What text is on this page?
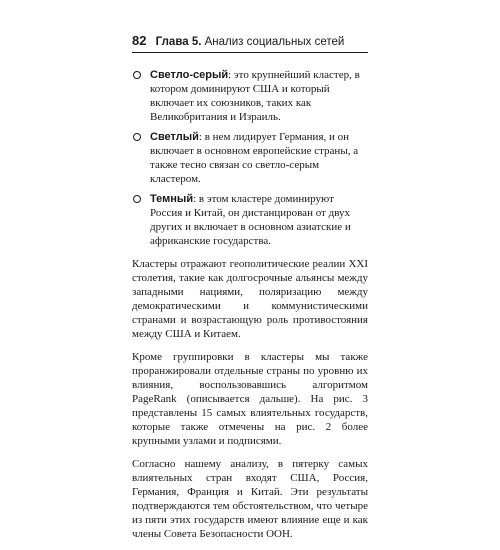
82 Глава 5. Анализ социальных сетей
Светло-серый: это крупнейший кластер, в котором доминируют США и который включает их союзников, таких как Великобритания и Израиль.
Светлый: в нем лидирует Германия, и он включает в основном европейские страны, а также тесно связан со светло-серым кластером.
Темный: в этом кластере доминируют Россия и Китай, он дистанцирован от двух других и включает в основном азиатские и африканские государства.

Кластеры отражают геополитические реалии XXI столетия, такие как долгосрочные альянсы между западными нациями, поляризацию между демократическими и коммунистическими странами и возрастающую роль противостояния между США и Китаем.

Кроме группировки в кластеры мы также проранжировали отдельные страны по уровню их влияния, воспользовавшись алгоритмом PageRank (описывается дальше). На рис. 3 представлены 15 самых влиятельных государств, которые также отмечены на рис. 2 более крупными узлами и подписями.

Согласно нашему анализу, в пятерку самых влиятельных стран входят США, Россия, Германия, Франция и Китай. Эти результаты подтверждаются тем обстоятельством, что четыре из пяти этих государств имеют влияние еще и как члены Совета Безопасности ООН.
